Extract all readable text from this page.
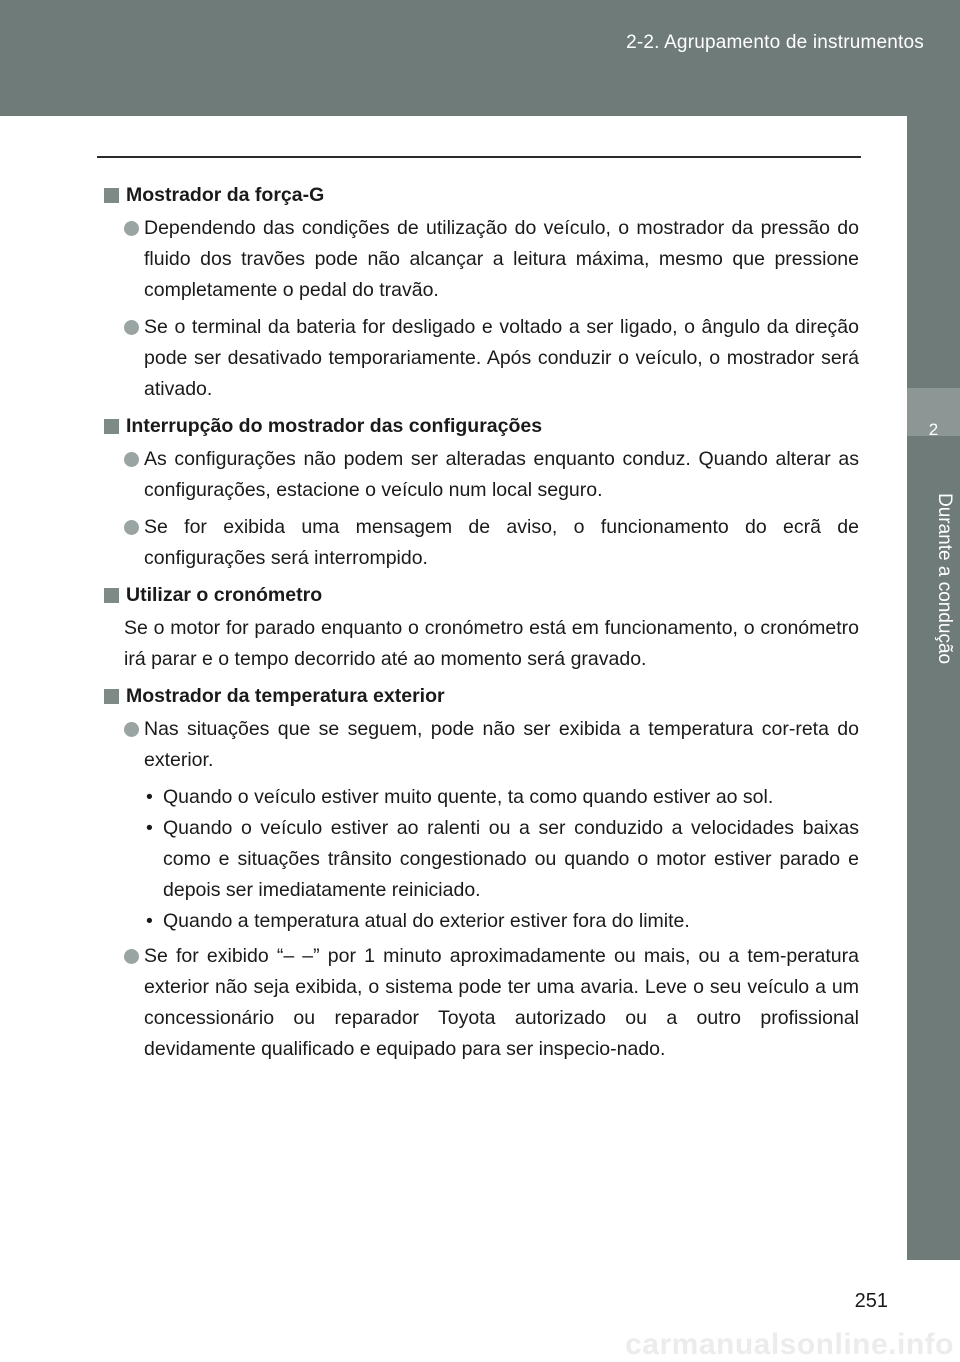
2-2. Agrupamento de instrumentos
2
Durante a condução
Mostrador da força-G
Dependendo das condições de utilização do veículo, o mostrador da pressão do fluido dos travões pode não alcançar a leitura máxima, mesmo que pressione completamente o pedal do travão.
Se o terminal da bateria for desligado e voltado a ser ligado, o ângulo da direção pode ser desativado temporariamente. Após conduzir o veículo, o mostrador será ativado.
Interrupção do mostrador das configurações
As configurações não podem ser alteradas enquanto conduz. Quando alterar as configurações, estacione o veículo num local seguro.
Se for exibida uma mensagem de aviso, o funcionamento do ecrã de configurações será interrompido.
Utilizar o cronómetro
Se o motor for parado enquanto o cronómetro está em funcionamento, o cronómetro irá parar e o tempo decorrido até ao momento será gravado.
Mostrador da temperatura exterior
Nas situações que se seguem, pode não ser exibida a temperatura cor-reta do exterior.
• Quando o veículo estiver muito quente, ta como quando estiver ao sol.
• Quando o veículo estiver ao ralenti ou a ser conduzido a velocidades baixas como e situações trânsito congestionado ou quando o motor estiver parado e depois ser imediatamente reiniciado.
• Quando a temperatura atual do exterior estiver fora do limite.
Se for exibido “– –” por 1 minuto aproximadamente ou mais, ou a tem-peratura exterior não seja exibida, o sistema pode ter uma avaria. Leve o seu veículo a um concessionário ou reparador Toyota autorizado ou a outro profissional devidamente qualificado e equipado para ser inspecio-nado.
251
carmanualsonline.info
